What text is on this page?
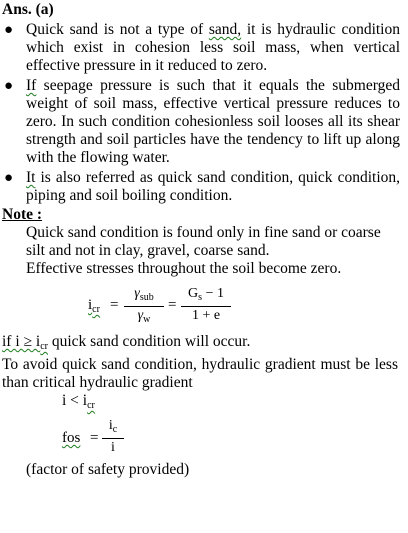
Ans. (a)
● Quick sand is not a type of sand, it is hydraulic condition which exist in cohesion less soil mass, when vertical effective pressure in it reduced to zero.
● If seepage pressure is such that it equals the submerged weight of soil mass, effective vertical pressure reduces to zero. In such condition cohesionless soil looses all its shear strength and soil particles have the tendency to lift up along with the flowing water.
● It is also referred as quick sand condition, quick condition, piping and soil boiling condition.
Note :
Quick sand condition is found only in fine sand or coarse silt and not in clay, gravel, coarse sand.
Effective stresses throughout the soil become zero.
$i_{cr}$ =
$\gamma_{sub}$
$\gamma_w$
= $\frac{G_s - 1}{1 + e}$
if $i \ge i_{cr}$ quick sand condition will occur.
To avoid quick sand condition, hydraulic gradient must be less than critical hydraulic gradient
$i < i_{cr}$
fos = $\frac{i_c}{i}$
(factor of safety provided)
